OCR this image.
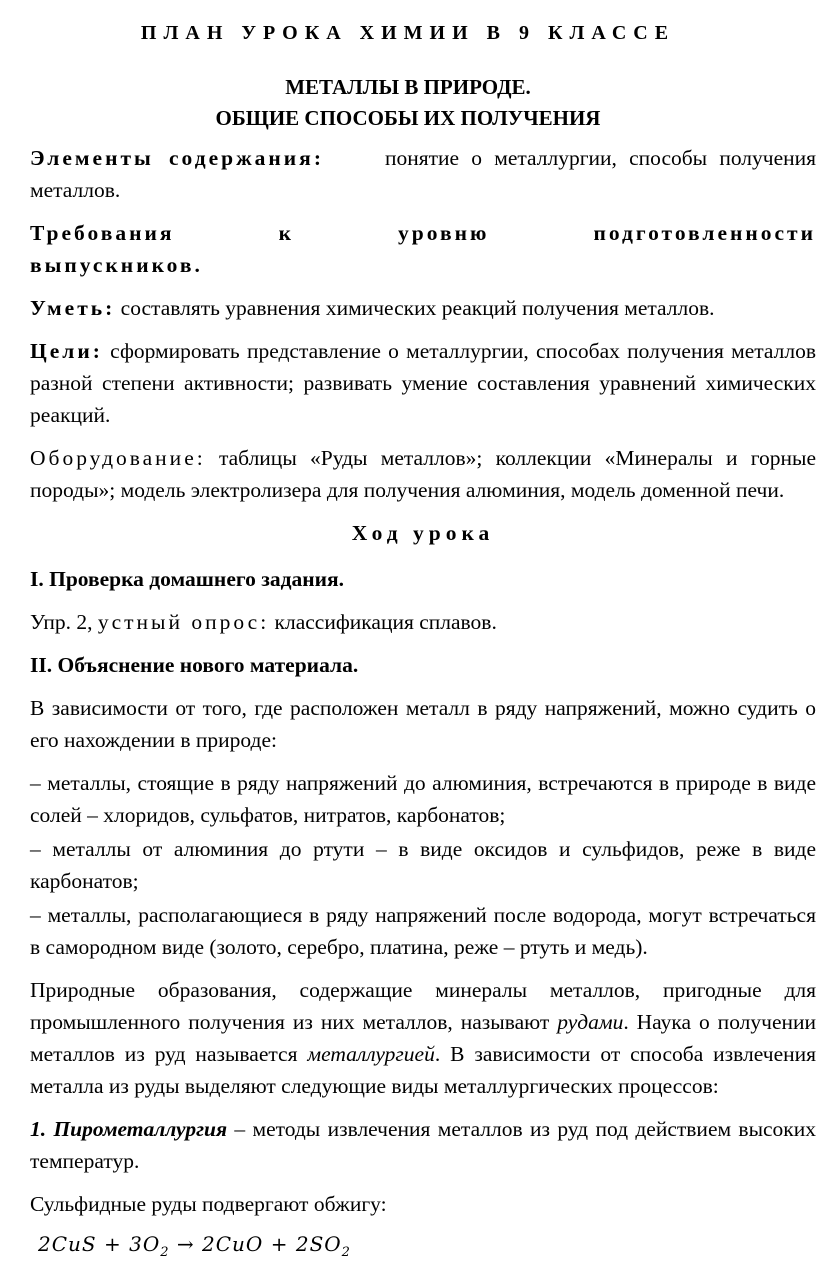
ПЛАН УРОКА ХИМИИ В 9 КЛАССЕ
МЕТАЛЛЫ В ПРИРОДЕ.
ОБЩИЕ СПОСОБЫ ИХ ПОЛУЧЕНИЯ

Элементы содержания:	понятие о металлургии, способы получения металлов.

Требования	к	уровню	подготовленности
выпускников.

Уметь: составлять уравнения химических реакций получения металлов.

Цели: сформировать представление о металлургии, способах получения металлов разной степени активности; развивать умение составления уравнений химических реакций.

Оборудование: таблицы «Руды металлов»; коллекции «Минералы и горные породы»; модель электролизера для получения алюминия, модель доменной печи.

Ход урока

I. Проверка домашнего задания.

Упр. 2, устный опрос: классификация сплавов.

II. Объяснение нового материала.

В зависимости от того, где расположен металл в ряду напряжений, можно судить о его нахождении в природе:

– металлы, стоящие в ряду напряжений до алюминия, встречаются в природе в виде солей – хлоридов, сульфатов, нитратов, карбонатов;

– металлы от алюминия до ртути – в виде оксидов и сульфидов, реже в виде карбонатов;

– металлы, располагающиеся в ряду напряжений после водорода, могут встречаться в самородном виде (золото, серебро, платина, реже – ртуть и медь).

Природные образования, содержащие минералы металлов, пригодные для промышленного получения из них металлов, называют рудами. Наука о получении металлов из руд называется металлургией. В зависимости от способа извлечения металла из руды выделяют следующие виды металлургических процессов:

1. Пирометаллургия – методы извлечения металлов из руд под действием высоких температур.

Сульфидные руды подвергают обжигу:

$2CuS + 3O_2 \to 2CuO + 2SO_2$
